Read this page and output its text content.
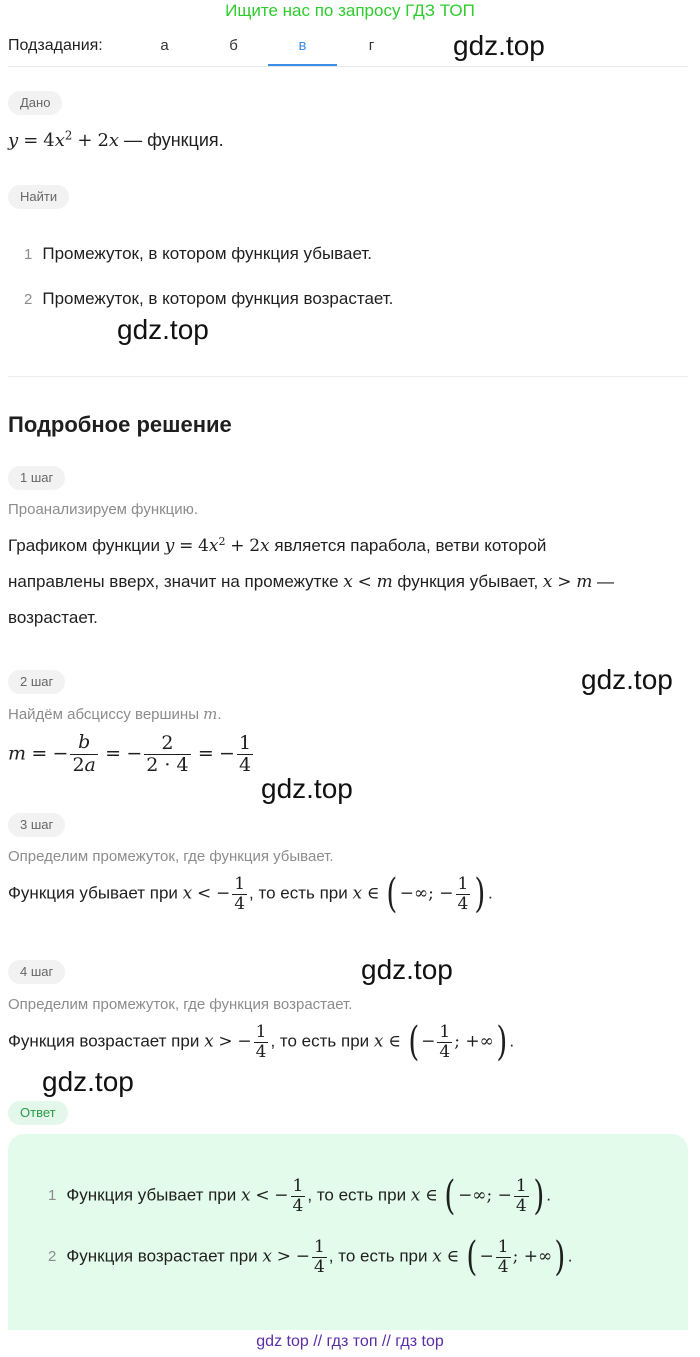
Ищите нас по запросу ГДЗ ТОП
Подзадания:	а	б	в	г	gdz.top
Дано
$y = 4x^2 + 2x$ — функция.
Найти
1 Промежуток, в котором функция убывает.
2 Промежуток, в котором функция возрастает.
gdz.top
Подробное решение
1 шаг
Проанализируем функцию.
Графиком функции $y = 4x^2 + 2x$ является парабола, ветви которой
направлены вверх, значит на промежутке x < m функция убывает, x > m —
возрастает.
2 шаг	gdz.top
Найдём абсциссу вершины m.
m = − $\frac{b}{2a}$ = − $\frac{2}{2 \cdot 4}$ = − $\frac{1}{4}$
gdz.top
3 шаг
Определим промежуток, где функция убывает.
Функция убывает при x < − $\frac{1}{4}$ , то есть при x ∈ ( −∞; − $\frac{1}{4}$ ) .
4 шаг	gdz.top
Определим промежуток, где функция возрастает.
Функция возрастает при x > − $\frac{1}{4}$ , то есть при x ∈ ( − $\frac{1}{4}$ ; +∞) .
gdz.top
Ответ
1 Функция убывает при x < − $\frac{1}{4}$ , то есть при x ∈ ( −∞; − $\frac{1}{4}$ ) .
2 Функция возрастает при x > − $\frac{1}{4}$ , то есть при x ∈ ( − $\frac{1}{4}$ ; +∞) .
gdz top // гдз топ // гдз top
